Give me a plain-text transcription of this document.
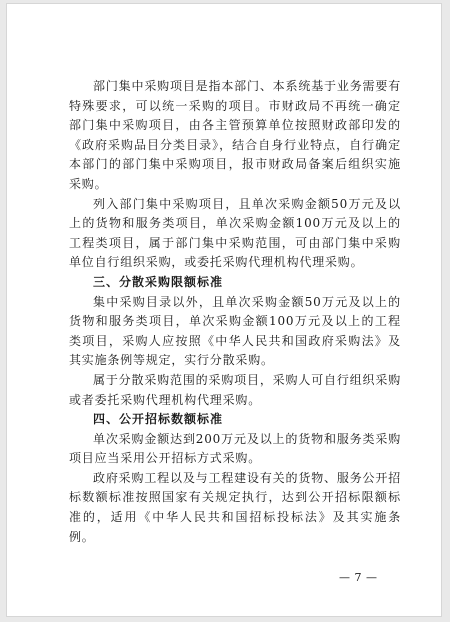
部门集中采购项目是指本部门、本系统基于业务需要有特殊要求，可以统一采购的项目。市财政局不再统一确定部门集中采购项目，由各主管预算单位按照财政部印发的《政府采购品目分类目录》，结合自身行业特点，自行确定本部门的部门集中采购项目，报市财政局备案后组织实施采购。

列入部门集中采购项目，且单次采购金额50万元及以上的货物和服务类项目，单次采购金额100万元及以上的工程类项目，属于部门集中采购范围，可由部门集中采购单位自行组织采购，或委托采购代理机构代理采购。

三、分散采购限额标准

集中采购目录以外，且单次采购金额50万元及以上的货物和服务类项目，单次采购金额100万元及以上的工程类项目，采购人应按照《中华人民共和国政府采购法》及其实施条例等规定，实行分散采购。

属于分散采购范围的采购项目，采购人可自行组织采购或者委托采购代理机构代理采购。

四、公开招标数额标准

单次采购金额达到200万元及以上的货物和服务类采购项目应当采用公开招标方式采购。

政府采购工程以及与工程建设有关的货物、服务公开招标数额标准按照国家有关规定执行，达到公开招标限额标准的，适用《中华人民共和国招标投标法》及其实施条例。

— 7 —
